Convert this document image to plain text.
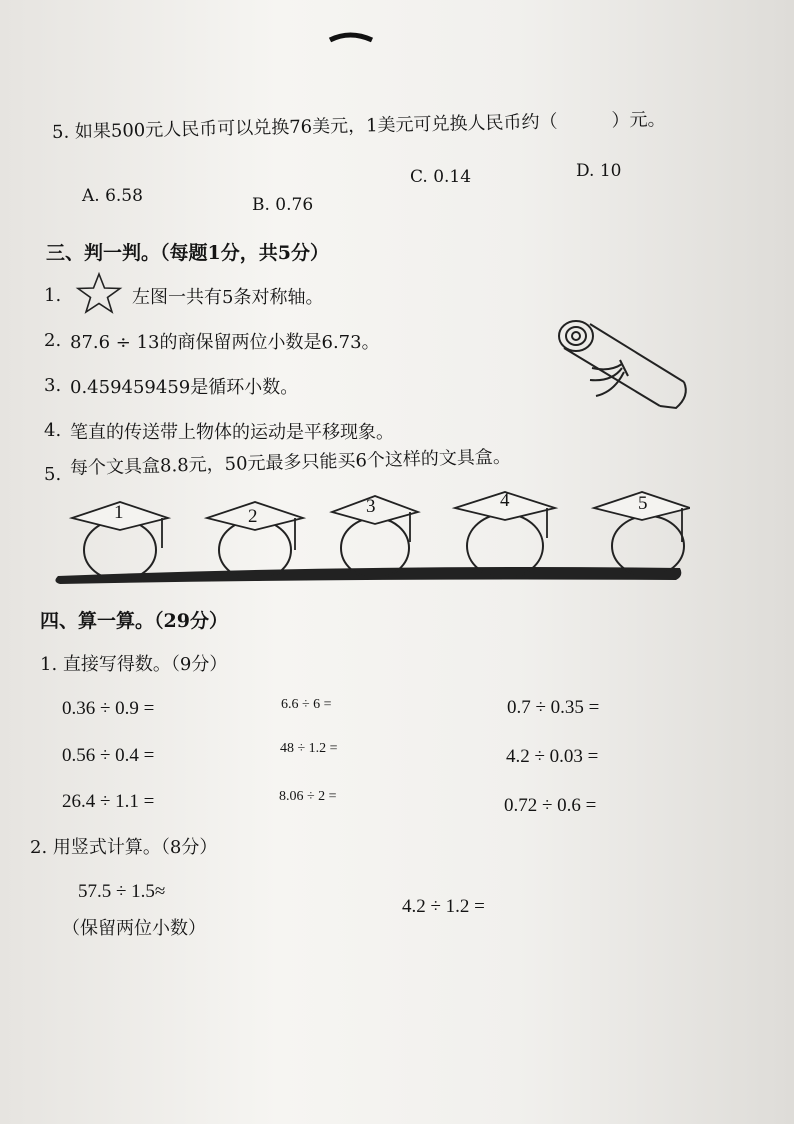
5. 如果500元人民币可以兑换76美元，1美元可兑换人民币约（　　　）元。
A. 6.58	B. 0.76
C. 0.14	D. 10
三、判一判。（每题1分，共5分）
1.	左图一共有5条对称轴。
2. 87.6 ÷ 13的商保留两位小数是6.73。
3. 0.459459459是循环小数。
4. 笔直的传送带上物体的运动是平移现象。
5. 每个文具盒8.8元，50元最多只能买6个这样的文具盒。
1	2	3	4	5
四、算一算。（29分）
1. 直接写得数。（9分）
0.36 ÷ 0.9 =	6.6 ÷ 6 =	0.7 ÷ 0.35 =
0.56 ÷ 0.4 =	48 ÷ 1.2 =	4.2 ÷ 0.03 =
26.4 ÷ 1.1 =	8.06 ÷ 2 =	0.72 ÷ 0.6 =
2. 用竖式计算。（8分）
57.5 ÷ 1.5≈
（保留两位小数）
4.2 ÷ 1.2 =
